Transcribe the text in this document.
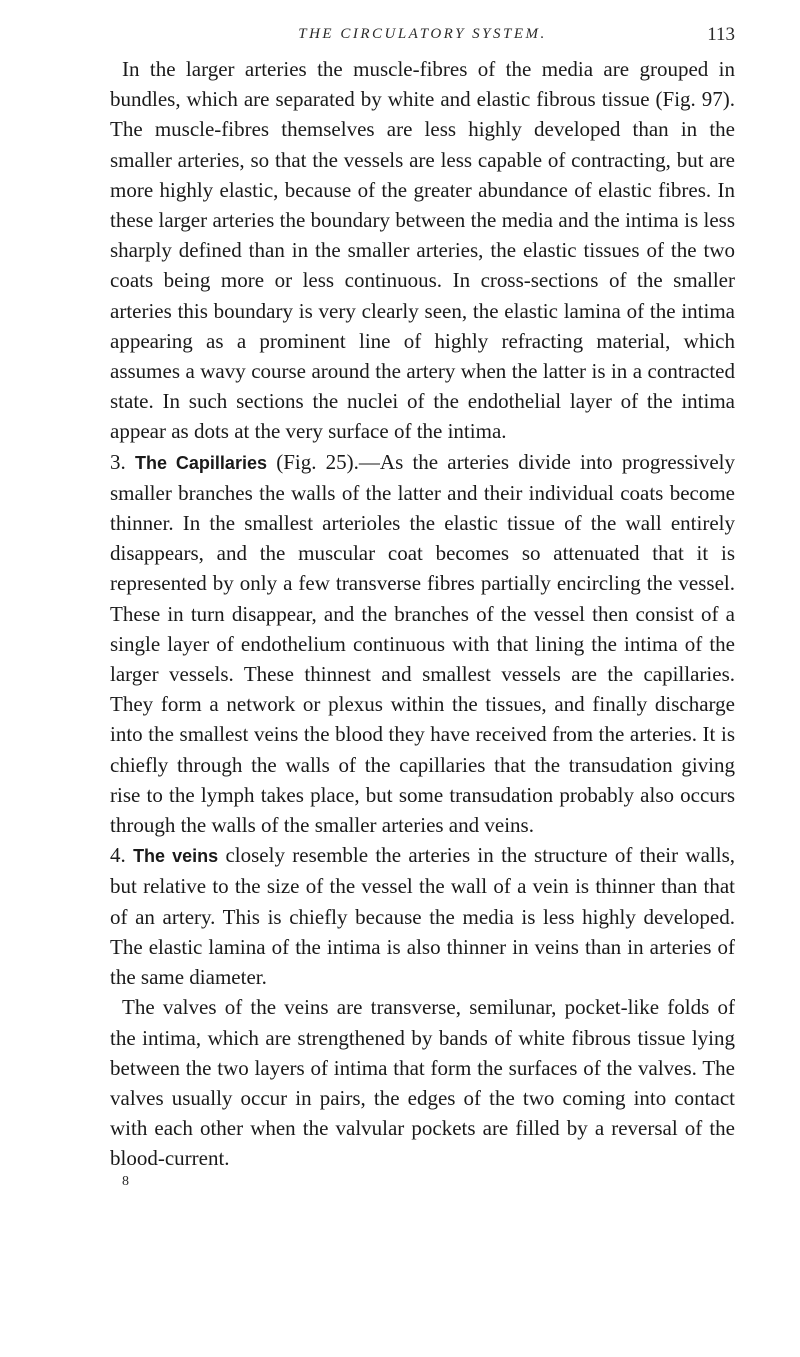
THE CIRCULATORY SYSTEM.	113

In the larger arteries the muscle-fibres of the media are grouped in bundles, which are separated by white and elastic fibrous tissue (Fig. 97). The muscle-fibres themselves are less highly developed than in the smaller arteries, so that the vessels are less capable of contracting, but are more highly elastic, because of the greater abundance of elastic fibres. In these larger arteries the boundary between the media and the intima is less sharply defined than in the smaller arteries, the elastic tissues of the two coats being more or less continuous. In cross-sections of the smaller arteries this boundary is very clearly seen, the elastic lamina of the intima appearing as a prominent line of highly refracting material, which assumes a wavy course around the artery when the latter is in a contracted state. In such sections the nuclei of the endothelial layer of the intima appear as dots at the very surface of the intima.

3. The Capillaries (Fig. 25).—As the arteries divide into progressively smaller branches the walls of the latter and their individual coats become thinner. In the smallest arterioles the elastic tissue of the wall entirely disappears, and the muscular coat becomes so attenuated that it is represented by only a few transverse fibres partially encircling the vessel. These in turn disappear, and the branches of the vessel then consist of a single layer of endothelium continuous with that lining the intima of the larger vessels. These thinnest and smallest vessels are the capillaries. They form a network or plexus within the tissues, and finally discharge into the smallest veins the blood they have received from the arteries. It is chiefly through the walls of the capillaries that the transudation giving rise to the lymph takes place, but some transudation probably also occurs through the walls of the smaller arteries and veins.

4. The veins closely resemble the arteries in the structure of their walls, but relative to the size of the vessel the wall of a vein is thinner than that of an artery. This is chiefly because the media is less highly developed. The elastic lamina of the intima is also thinner in veins than in arteries of the same diameter.

The valves of the veins are transverse, semilunar, pocket-like folds of the intima, which are strengthened by bands of white fibrous tissue lying between the two layers of intima that form the surfaces of the valves. The valves usually occur in pairs, the edges of the two coming into contact with each other when the valvular pockets are filled by a reversal of the blood-current.

8
